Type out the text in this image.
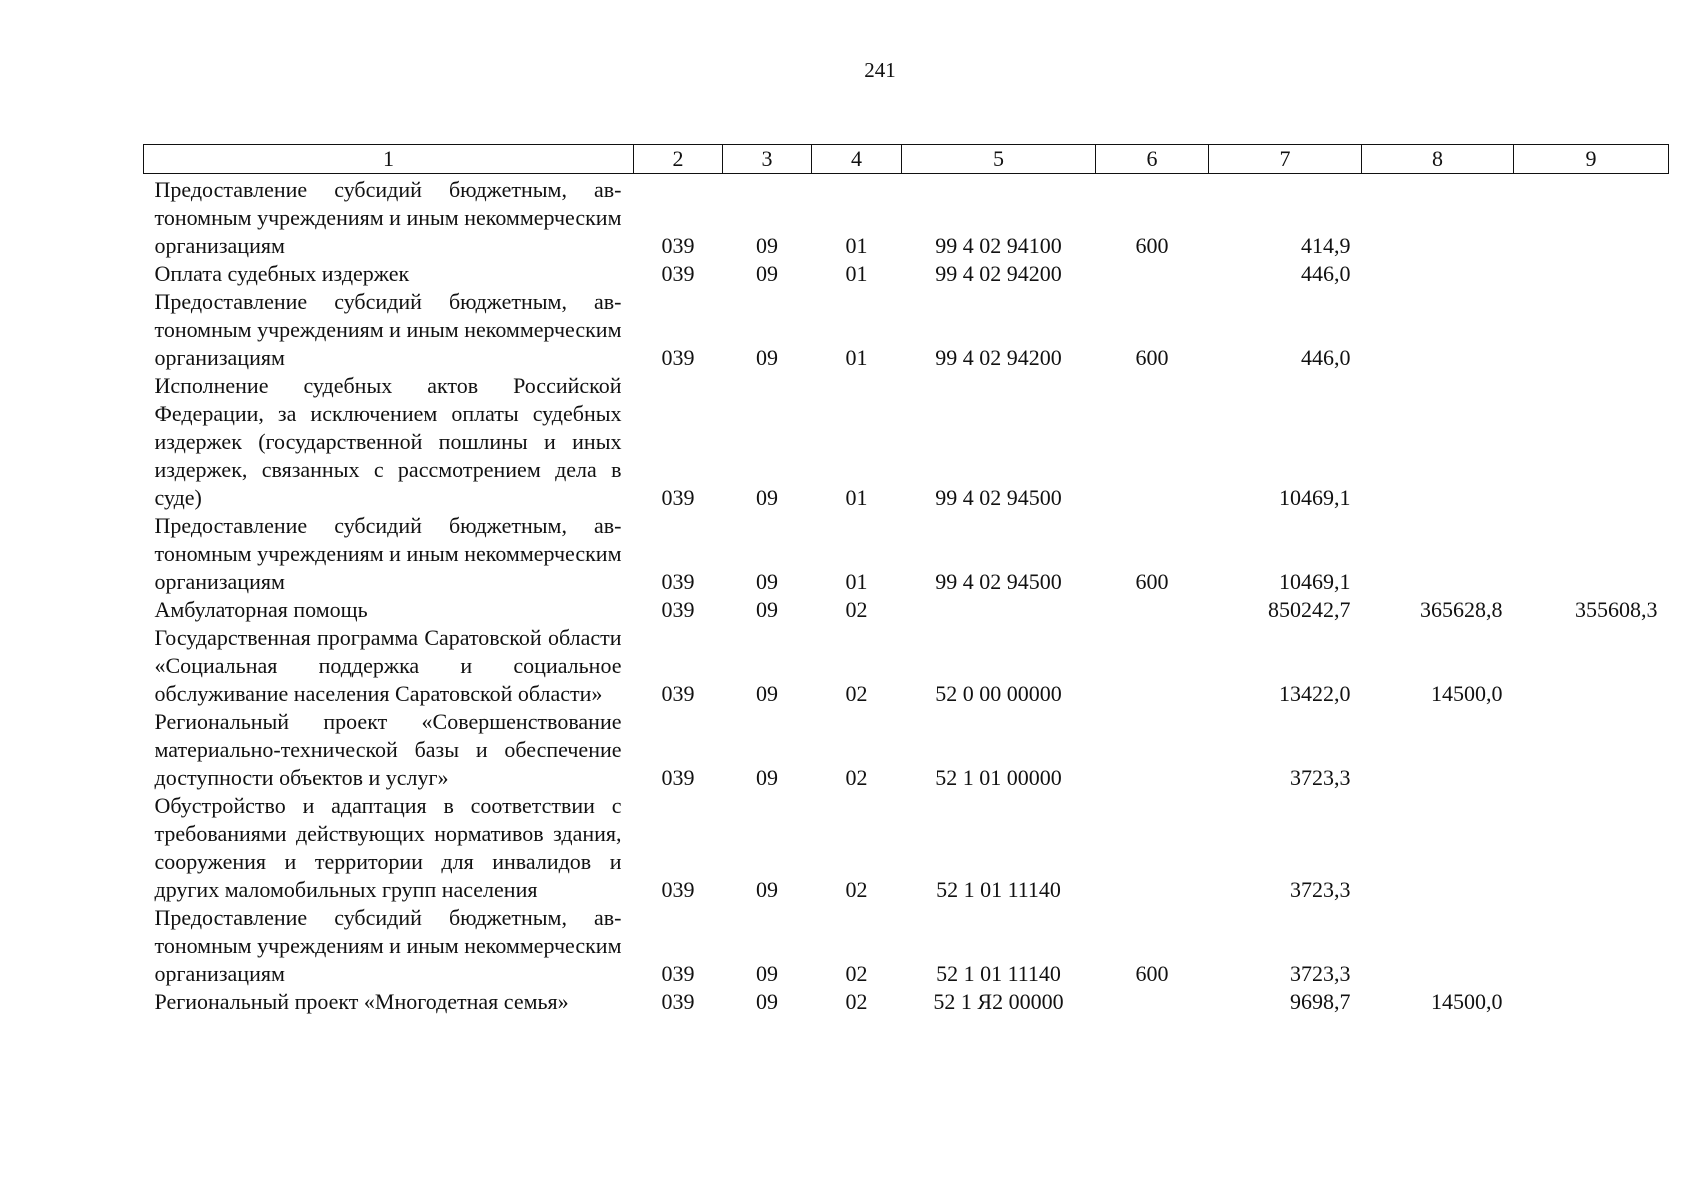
241
1	2	3	4	5	6	7	8	9
Предоставление субсидий бюджетным, автономным учреждениям и иным некоммерческим организациям	039	09	01	99 4 02 94100	600	414,9		
Оплата судебных издержек	039	09	01	99 4 02 94200		446,0		
Предоставление субсидий бюджетным, автономным учреждениям и иным некоммерческим организациям	039	09	01	99 4 02 94200	600	446,0		
Исполнение судебных актов Российской Федерации, за исключением оплаты судебных издержек (государственной пошлины и иных издержек, связанных с рассмотрением дела в суде)	039	09	01	99 4 02 94500		10469,1		
Предоставление субсидий бюджетным, автономным учреждениям и иным некоммерческим организациям	039	09	01	99 4 02 94500	600	10469,1		
Амбулаторная помощь	039	09	02			850242,7	365628,8	355608,3
Государственная программа Саратовской области «Социальная поддержка и социальное обслуживание населения Саратовской области»	039	09	02	52 0 00 00000		13422,0	14500,0	
Региональный проект «Совершенствование материально-технической базы и обеспечение доступности объектов и услуг»	039	09	02	52 1 01 00000		3723,3		
Обустройство и адаптация в соответствии с требованиями действующих нормативов здания, сооружения и территории для инвалидов и других маломобильных групп населения	039	09	02	52 1 01 11140		3723,3		
Предоставление субсидий бюджетным, автономным учреждениям и иным некоммерческим организациям	039	09	02	52 1 01 11140	600	3723,3		
Региональный проект «Многодетная семья»	039	09	02	52 1 Я2 00000		9698,7	14500,0	
